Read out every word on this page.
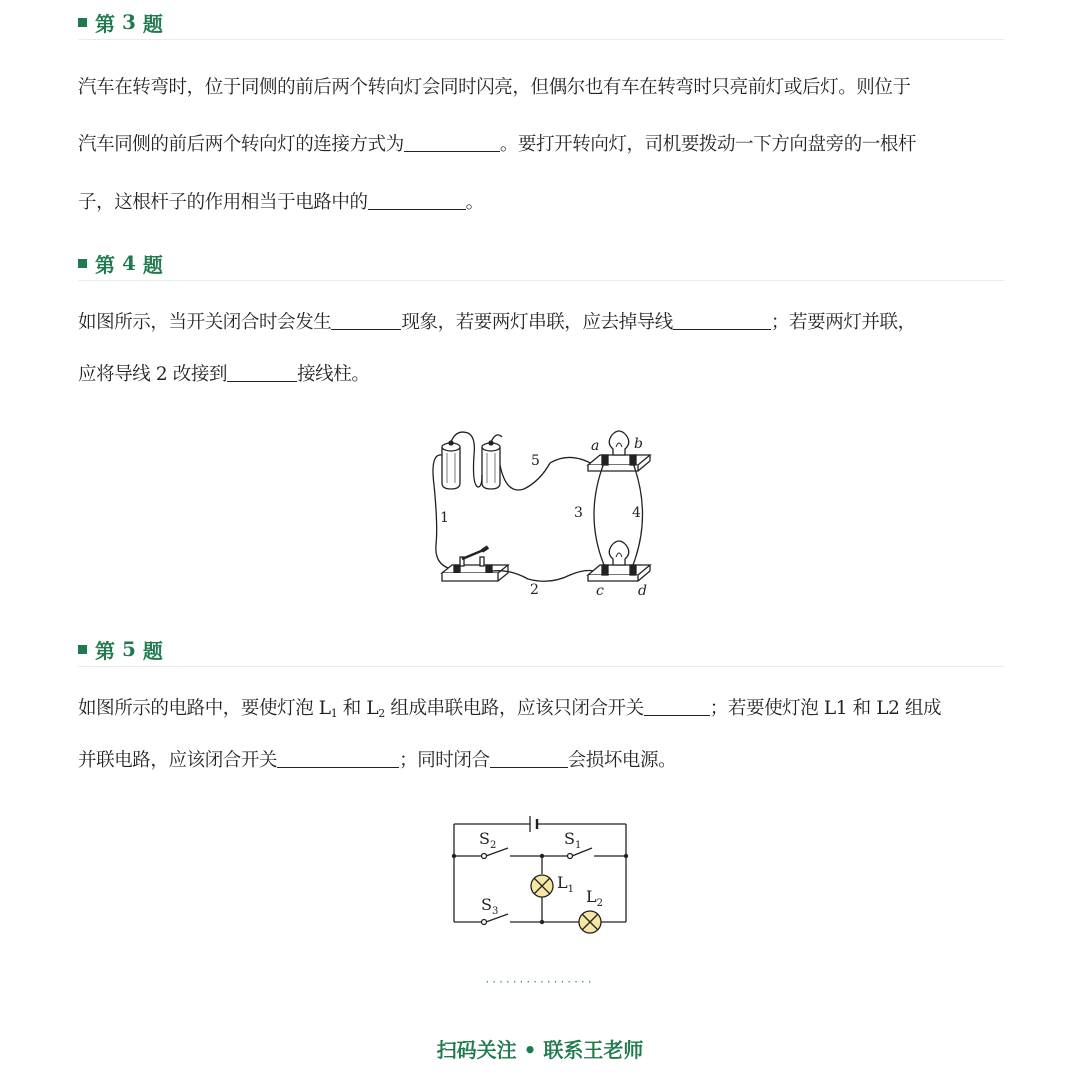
第 3 题
汽车在转弯时，位于同侧的前后两个转向灯会同时闪亮，但偶尔也有车在转弯时只亮前灯或后灯。则位于
汽车同侧的前后两个转向灯的连接方式为	。要打开转向灯，司机要拨动一下方向盘旁的一根杆
子，这根杆子的作用相当于电路中的	。
第 4 题
如图所示，当开关闭合时会发生	现象，若要两灯串联，应去掉导线	；若要两灯并联，
应将导线 2 改接到	接线柱。
1
2
3	4
5
a b
c d
第 5 题
如图所示的电路中，要使灯泡 $L_1$ 和 $L_2$ 组成串联电路，应该只闭合开关	；若要使灯泡 L1 和 L2 组成
并联电路，应该闭合开关	；同时闭合	会损坏电源。
$S_2$	$S_1$
$S_3$
$L_1$ $L_2$
················
扫码关注 • 联系王老师
